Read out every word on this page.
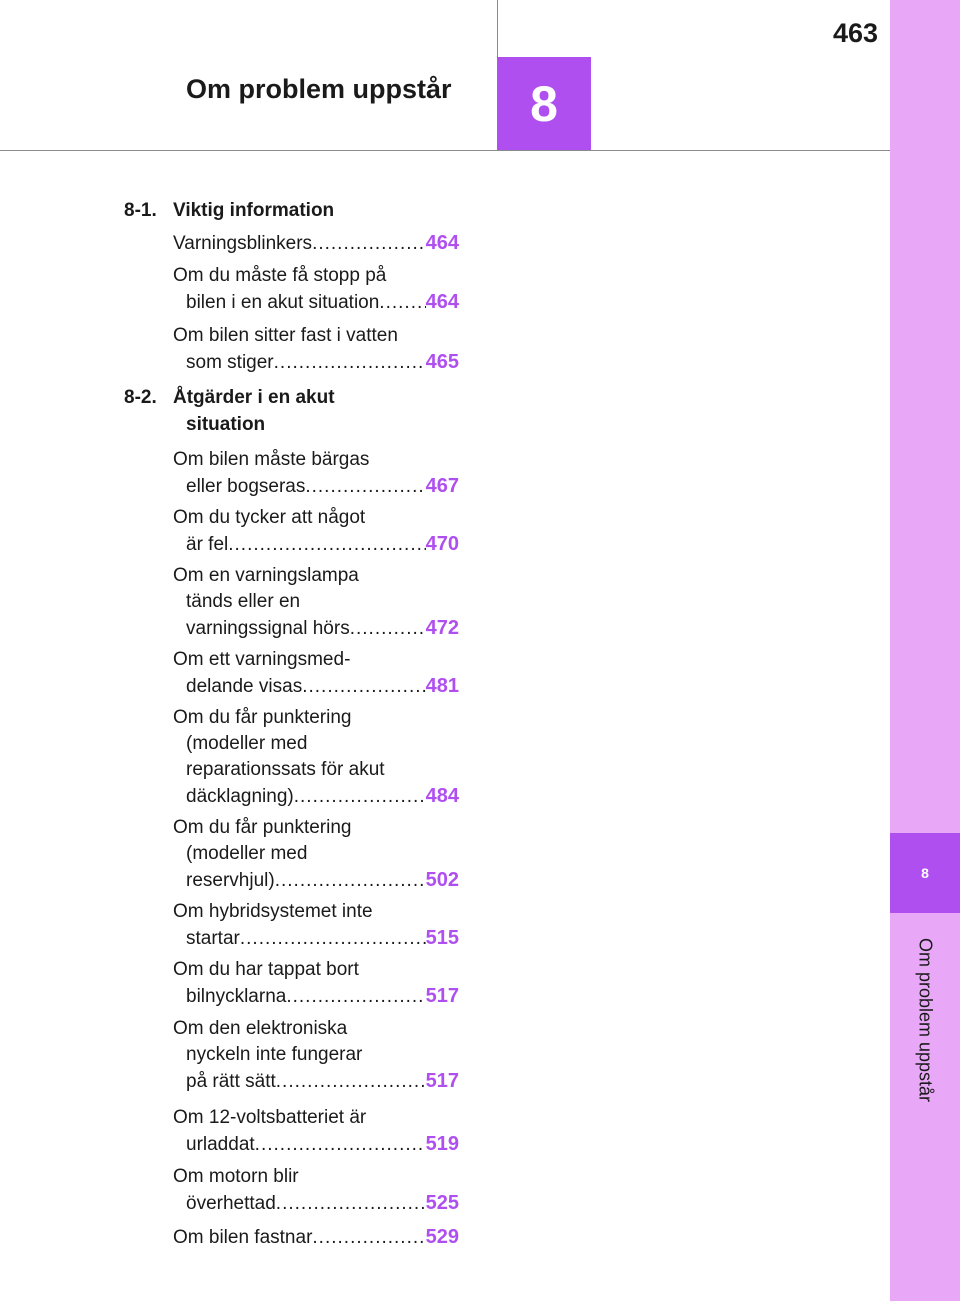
463
Om problem uppstår 8
8
Om problem uppstår
8-1. Viktig information
Varningsblinkers .....	464
Om du måste få stopp på
bilen i en akut situation ..... 464
Om bilen sitter fast i vatten
som stiger .....	465
8-2. Åtgärder i en akut
situation
Om bilen måste bärgas
eller bogseras .....	467
Om du tycker att något
är fel .....	470
Om en varningslampa
tänds eller en
varningssignal hörs .....	472
Om ett varningsmed-
delande visas .....	481
Om du får punktering
(modeller med
reparationssats för akut
däcklagning) .....	484
Om du får punktering
(modeller med
reservhjul) .....	502
Om hybridsystemet inte
startar .....	515
Om du har tappat bort
bilnycklarna .....	517
Om den elektroniska
nyckeln inte fungerar
på rätt sätt .....	517
Om 12-voltsbatteriet är
urladdat .....	519
Om motorn blir
överhettad .....	525
Om bilen fastnar .....	529
